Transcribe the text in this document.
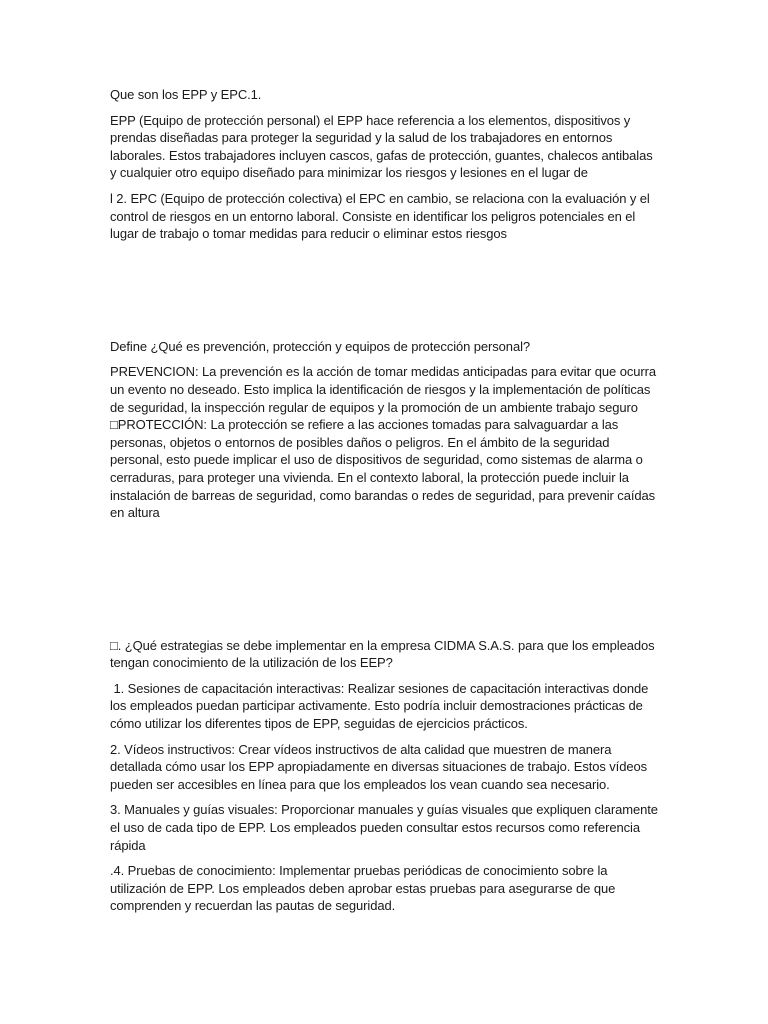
Que son los EPP y EPC.1.

EPP (Equipo de protección personal) el EPP hace referencia a los elementos, dispositivos y prendas diseñadas para proteger la seguridad y la salud de los trabajadores en entornos laborales. Estos trabajadores incluyen cascos, gafas de protección, guantes, chalecos antibalas y cualquier otro equipo diseñado para minimizar los riesgos y lesiones en el lugar de

l 2. EPC (Equipo de protección colectiva) el EPC en cambio, se relaciona con la evaluación y el control de riesgos en un entorno laboral. Consiste en identificar los peligros potenciales en el lugar de trabajo o tomar medidas para reducir o eliminar estos riesgos

Define ¿Qué es prevención, protección y equipos de protección personal?

PREVENCION: La prevención es la acción de tomar medidas anticipadas para evitar que ocurra un evento no deseado. Esto implica la identificación de riesgos y la implementación de políticas de seguridad, la inspección regular de equipos y la promoción de un ambiente trabajo seguro □PROTECCIÓN: La protección se refiere a las acciones tomadas para salvaguardar a las personas, objetos o entornos de posibles daños o peligros. En el ámbito de la seguridad personal, esto puede implicar el uso de dispositivos de seguridad, como sistemas de alarma o cerraduras, para proteger una vivienda. En el contexto laboral, la protección puede incluir la instalación de barreas de seguridad, como barandas o redes de seguridad, para prevenir caídas en altura

□. ¿Qué estrategias se debe implementar en la empresa CIDMA S.A.S. para que los empleados tengan conocimiento de la utilización de los EEP?

1. Sesiones de capacitación interactivas: Realizar sesiones de capacitación interactivas donde los empleados puedan participar activamente. Esto podría incluir demostraciones prácticas de cómo utilizar los diferentes tipos de EPP, seguidas de ejercicios prácticos.

2. Vídeos instructivos: Crear vídeos instructivos de alta calidad que muestren de manera detallada cómo usar los EPP apropiadamente en diversas situaciones de trabajo. Estos vídeos pueden ser accesibles en línea para que los empleados los vean cuando sea necesario.

3. Manuales y guías visuales: Proporcionar manuales y guías visuales que expliquen claramente el uso de cada tipo de EPP. Los empleados pueden consultar estos recursos como referencia rápida

.4. Pruebas de conocimiento: Implementar pruebas periódicas de conocimiento sobre la utilización de EPP. Los empleados deben aprobar estas pruebas para asegurarse de que comprenden y recuerdan las pautas de seguridad.
